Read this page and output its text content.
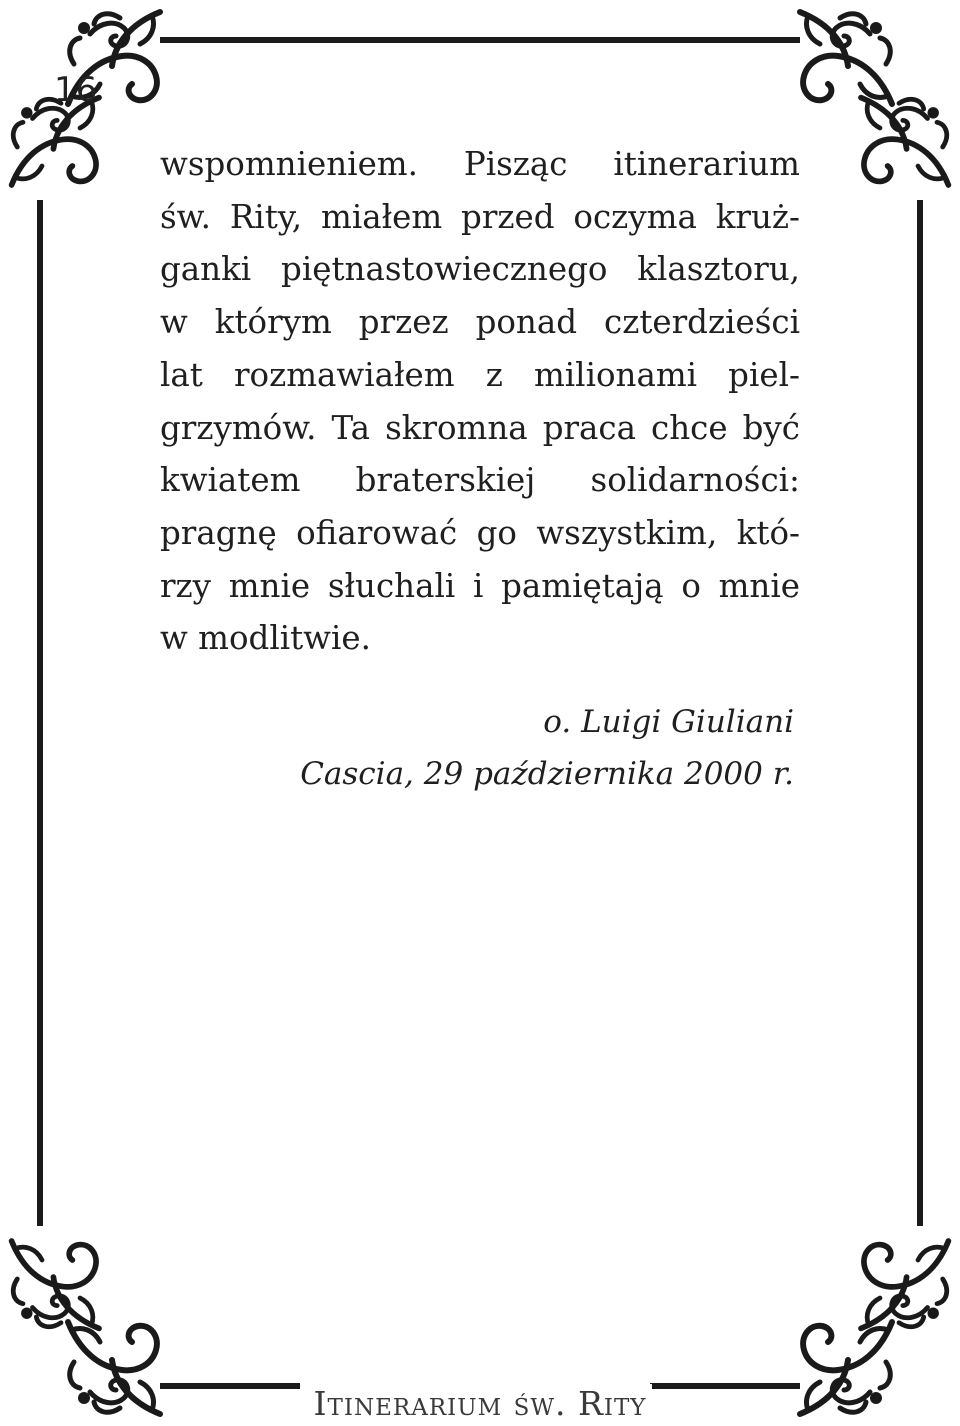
16
wspomnieniem. Pisząc itinerarium
św. Rity, miałem przed oczyma kruż-
ganki piętnastowiecznego klasztoru,
w którym przez ponad czterdzieści
lat rozmawiałem z milionami piel-
grzymów. Ta skromna praca chce być
kwiatem braterskiej solidarności:
pragnę ofiarować go wszystkim, któ-
rzy mnie słuchali i pamiętają o mnie
w modlitwie.
o. Luigi Giuliani
Cascia, 29 października 2000 r.
Itinerarium św. Rity
